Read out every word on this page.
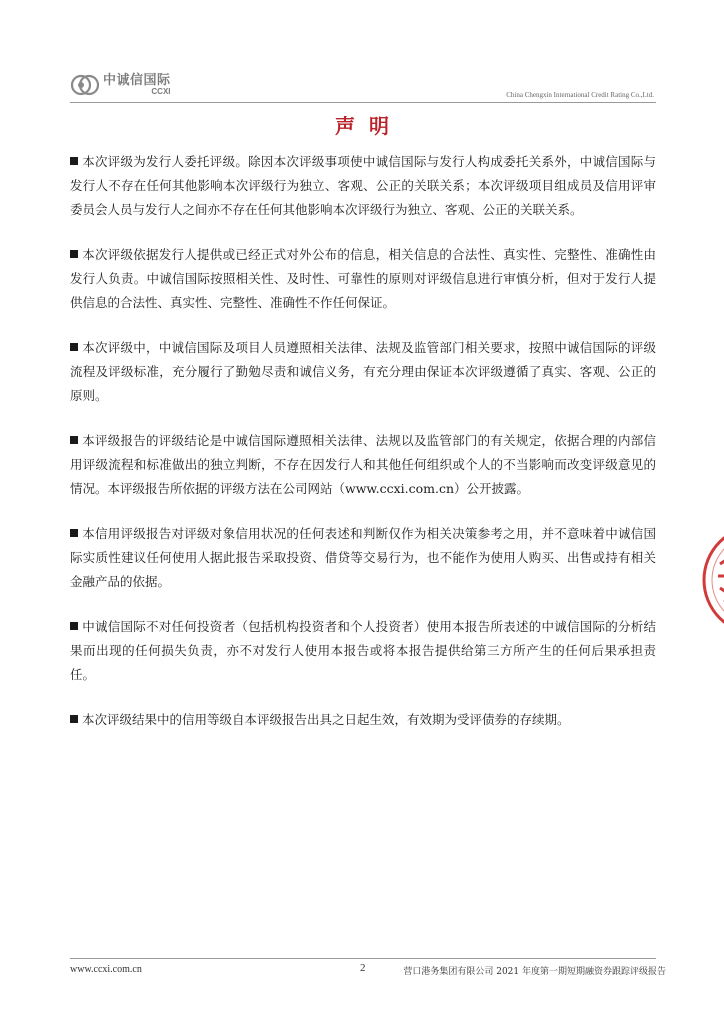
中诚信国际
CCXI	China Chengxin International Credit Rating Co.,Ltd.
声明

本次评级为发行人委托评级。除因本次评级事项使中诚信国际与发行人构成委托关系外，中诚信国际与发行人不存在任何其他影响本次评级行为独立、客观、公正的关联关系；本次评级项目组成员及信用评审委员会人员与发行人之间亦不存在任何其他影响本次评级行为独立、客观、公正的关联关系。

本次评级依据发行人提供或已经正式对外公布的信息，相关信息的合法性、真实性、完整性、准确性由发行人负责。中诚信国际按照相关性、及时性、可靠性的原则对评级信息进行审慎分析，但对于发行人提供信息的合法性、真实性、完整性、准确性不作任何保证。

本次评级中，中诚信国际及项目人员遵照相关法律、法规及监管部门相关要求，按照中诚信国际的评级流程及评级标准，充分履行了勤勉尽责和诚信义务，有充分理由保证本次评级遵循了真实、客观、公正的原则。

本评级报告的评级结论是中诚信国际遵照相关法律、法规以及监管部门的有关规定，依据合理的内部信用评级流程和标准做出的独立判断，不存在因发行人和其他任何组织或个人的不当影响而改变评级意见的情况。本评级报告所依据的评级方法在公司网站（www.ccxi.com.cn）公开披露。

本信用评级报告对评级对象信用状况的任何表述和判断仅作为相关决策参考之用，并不意味着中诚信国际实质性建议任何使用人据此报告采取投资、借贷等交易行为，也不能作为使用人购买、出售或持有相关金融产品的依据。

中诚信国际不对任何投资者（包括机构投资者和个人投资者）使用本报告所表述的中诚信国际的分析结果而出现的任何损失负责，亦不对发行人使用本报告或将本报告提供给第三方所产生的任何后果承担责任。

本次评级结果中的信用等级自本评级报告出具之日起生效，有效期为受评债券的存续期。

www.ccxi.com.cn	2	营口港务集团有限公司 2021 年度第一期短期融资券跟踪评级报告
